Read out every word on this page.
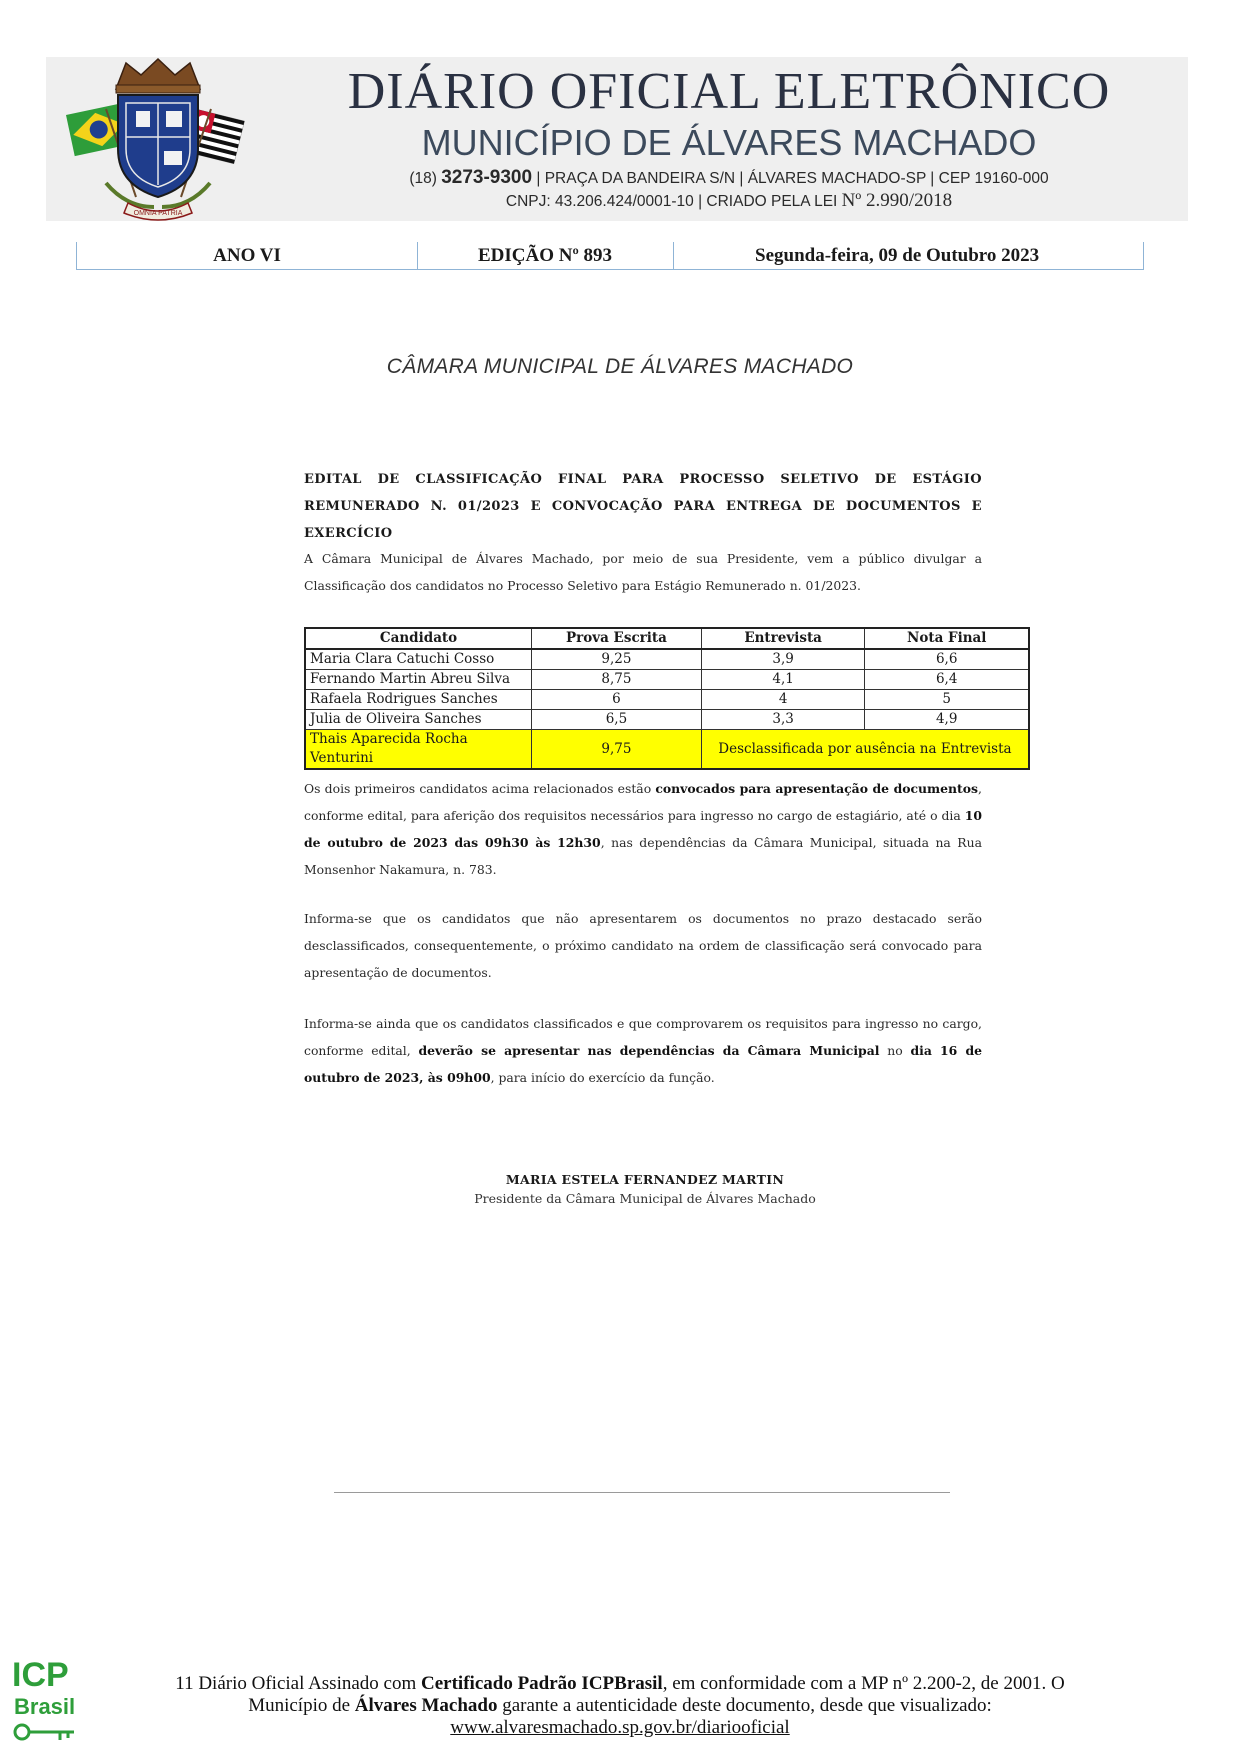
OMNIA PATRIA
DIÁRIO OFICIAL ELETRÔNICO
MUNICÍPIO DE ÁLVARES MACHADO
(18) 3273-9300 | PRAÇA DA BANDEIRA S/N | ÁLVARES MACHADO-SP | CEP 19160-000
CNPJ: 43.206.424/0001-10 | CRIADO PELA LEI Nº 2.990/2018
ANO VI	EDIÇÃO Nº 893	Segunda-feira, 09 de Outubro 2023
CÂMARA MUNICIPAL DE ÁLVARES MACHADO
EDITAL DE CLASSIFICAÇÃO FINAL PARA PROCESSO SELETIVO DE ESTÁGIO REMUNERADO N. 01/2023 E CONVOCAÇÃO PARA ENTREGA DE DOCUMENTOS E EXERCÍCIO
A Câmara Municipal de Álvares Machado, por meio de sua Presidente, vem a público divulgar a Classificação dos candidatos no Processo Seletivo para Estágio Remunerado n. 01/2023.
Candidato	Prova Escrita	Entrevista	Nota Final
Maria Clara Catuchi Cosso	9,25	3,9	6,6
Fernando Martin Abreu Silva	8,75	4,1	6,4
Rafaela Rodrigues Sanches	6	4	5
Julia de Oliveira Sanches	6,5	3,3	4,9
Thais Aparecida Rocha Venturini	9,75	Desclassificada por ausência na Entrevista	
Os dois primeiros candidatos acima relacionados estão convocados para apresentação de documentos, conforme edital, para aferição dos requisitos necessários para ingresso no cargo de estagiário, até o dia 10 de outubro de 2023 das 09h30 às 12h30, nas dependências da Câmara Municipal, situada na Rua Monsenhor Nakamura, n. 783.
Informa-se que os candidatos que não apresentarem os documentos no prazo destacado serão desclassificados, consequentemente, o próximo candidato na ordem de classificação será convocado para apresentação de documentos.
Informa-se ainda que os candidatos classificados e que comprovarem os requisitos para ingresso no cargo, conforme edital, deverão se apresentar nas dependências da Câmara Municipal no dia 16 de outubro de 2023, às 09h00, para início do exercício da função.
MARIA ESTELA FERNANDEZ MARTIN
Presidente da Câmara Municipal de Álvares Machado
ICP
Brasil
11 Diário Oficial Assinado com Certificado Padrão ICPBrasil, em conformidade com a MP nº 2.200-2, de 2001. O Município de Álvares Machado garante a autenticidade deste documento, desde que visualizado: www.alvaresmachado.sp.gov.br/diariooficial
